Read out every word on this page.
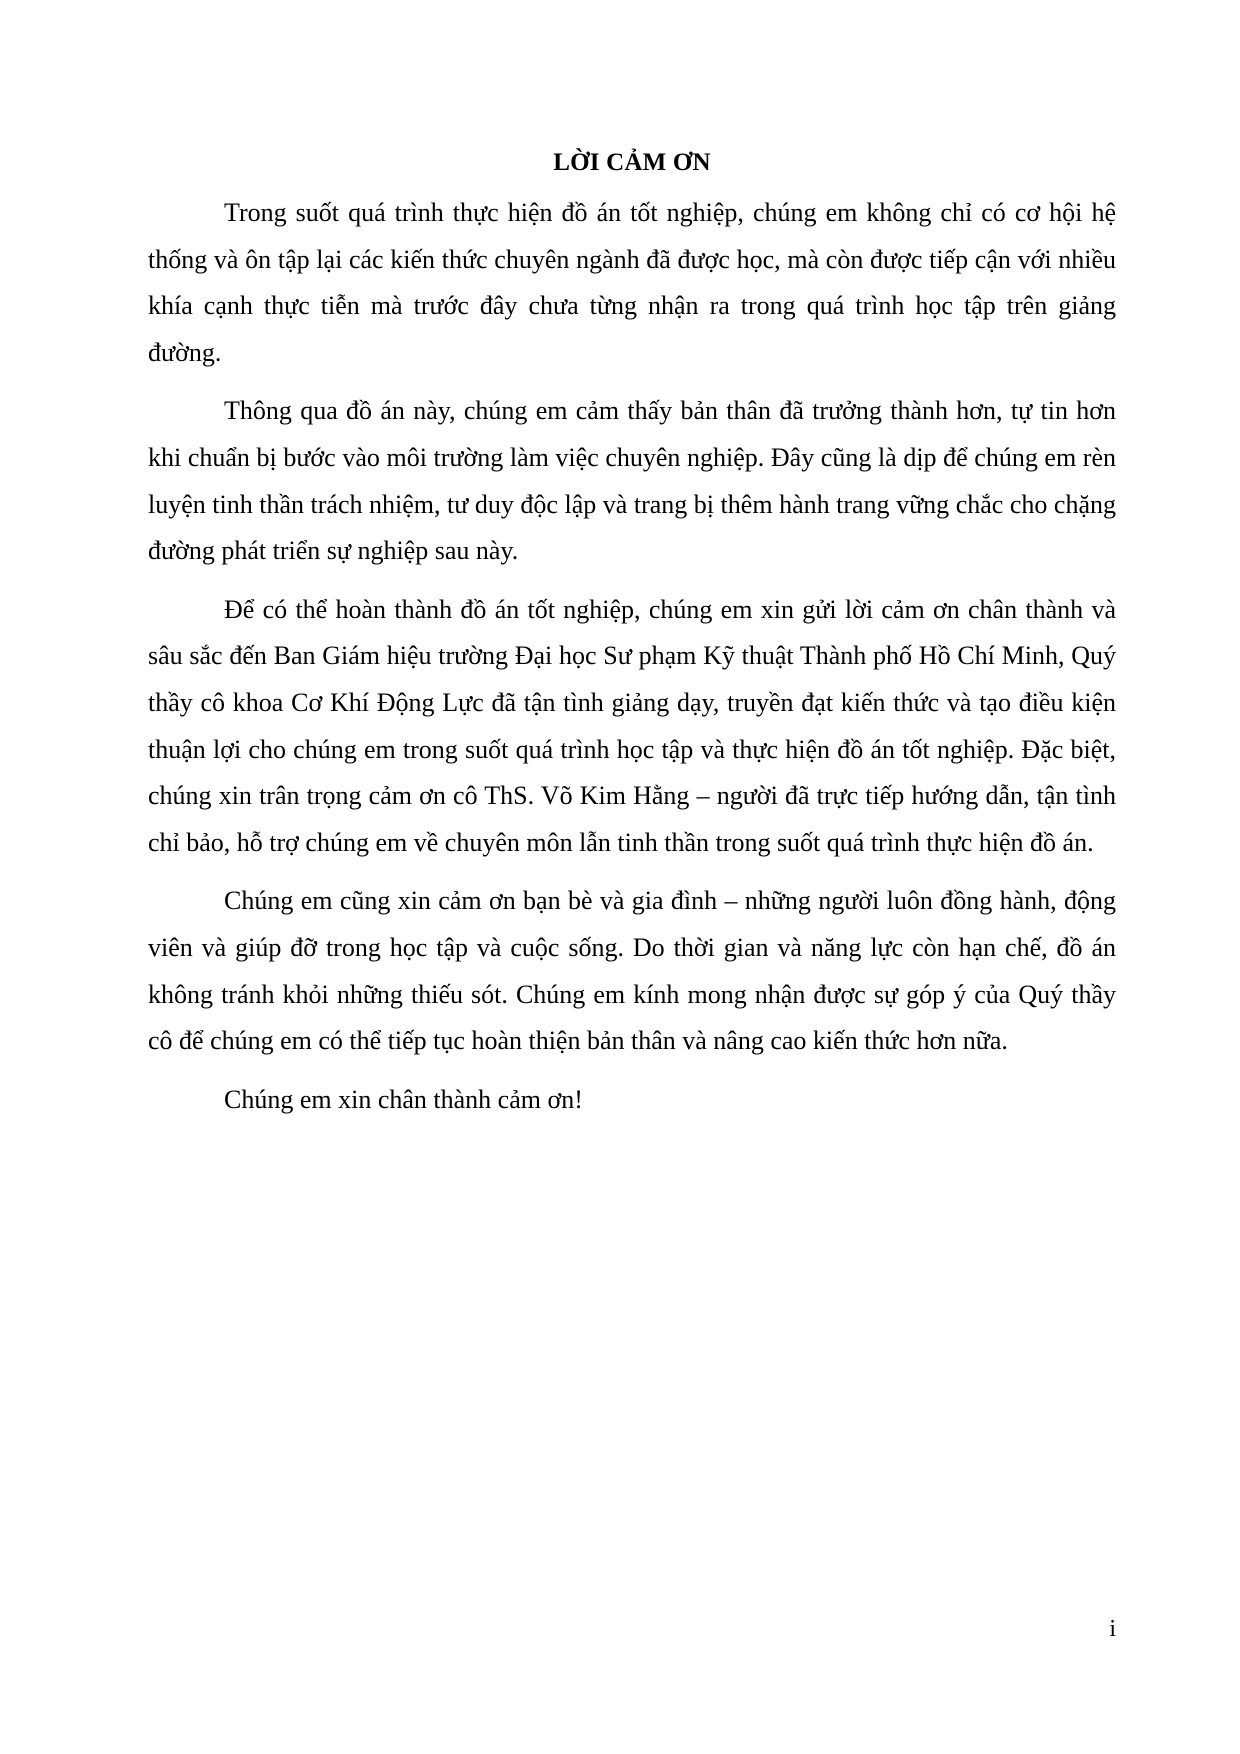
LỜI CẢM ƠN

Trong suốt quá trình thực hiện đồ án tốt nghiệp, chúng em không chỉ có cơ hội hệ thống và ôn tập lại các kiến thức chuyên ngành đã được học, mà còn được tiếp cận với nhiều khía cạnh thực tiễn mà trước đây chưa từng nhận ra trong quá trình học tập trên giảng đường.

Thông qua đồ án này, chúng em cảm thấy bản thân đã trưởng thành hơn, tự tin hơn khi chuẩn bị bước vào môi trường làm việc chuyên nghiệp. Đây cũng là dịp để chúng em rèn luyện tinh thần trách nhiệm, tư duy độc lập và trang bị thêm hành trang vững chắc cho chặng đường phát triển sự nghiệp sau này.

Để có thể hoàn thành đồ án tốt nghiệp, chúng em xin gửi lời cảm ơn chân thành và sâu sắc đến Ban Giám hiệu trường Đại học Sư phạm Kỹ thuật Thành phố Hồ Chí Minh, Quý thầy cô khoa Cơ Khí Động Lực đã tận tình giảng dạy, truyền đạt kiến thức và tạo điều kiện thuận lợi cho chúng em trong suốt quá trình học tập và thực hiện đồ án tốt nghiệp. Đặc biệt, chúng xin trân trọng cảm ơn cô ThS. Võ Kim Hằng – người đã trực tiếp hướng dẫn, tận tình chỉ bảo, hỗ trợ chúng em về chuyên môn lẫn tinh thần trong suốt quá trình thực hiện đồ án.

Chúng em cũng xin cảm ơn bạn bè và gia đình – những người luôn đồng hành, động viên và giúp đỡ trong học tập và cuộc sống. Do thời gian và năng lực còn hạn chế, đồ án không tránh khỏi những thiếu sót. Chúng em kính mong nhận được sự góp ý của Quý thầy cô để chúng em có thể tiếp tục hoàn thiện bản thân và nâng cao kiến thức hơn nữa.

Chúng em xin chân thành cảm ơn!

i
